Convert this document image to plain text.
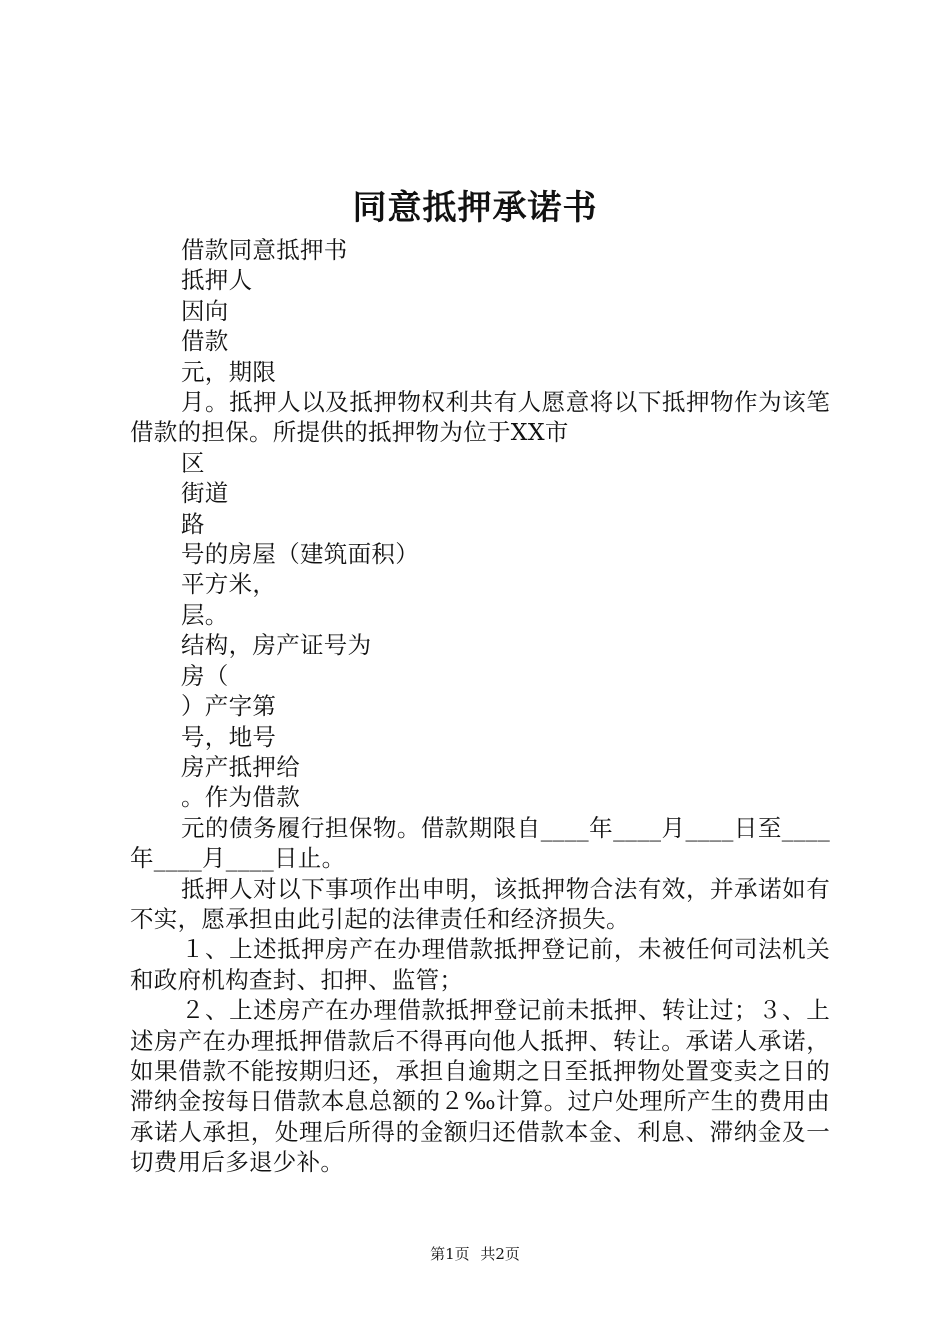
同意抵押承诺书

借款同意抵押书

抵押人

因向

借款

元，期限

月。抵押人以及抵押物权利共有人愿意将以下抵押物作为该笔借款的担保。所提供的抵押物为位于XX市

区

街道

路

号的房屋（建筑面积）

平方米，

层。

结构，房产证号为

房（

）产字第

号，地号

房产抵押给

。作为借款

元的债务履行担保物。借款期限自____年____月____日至____年____月____日止。

抵押人对以下事项作出申明，该抵押物合法有效，并承诺如有不实，愿承担由此引起的法律责任和经济损失。

１、上述抵押房产在办理借款抵押登记前，未被任何司法机关和政府机构查封、扣押、监管；

２、上述房产在办理借款抵押登记前未抵押、转让过；３、上述房产在办理抵押借款后不得再向他人抵押、转让。承诺人承诺，如果借款不能按期归还，承担自逾期之日至抵押物处置变卖之日的滞纳金按每日借款本息总额的２‰计算。过户处理所产生的费用由承诺人承担，处理后所得的金额归还借款本金、利息、滞纳金及一切费用后多退少补。

第1页 共2页
